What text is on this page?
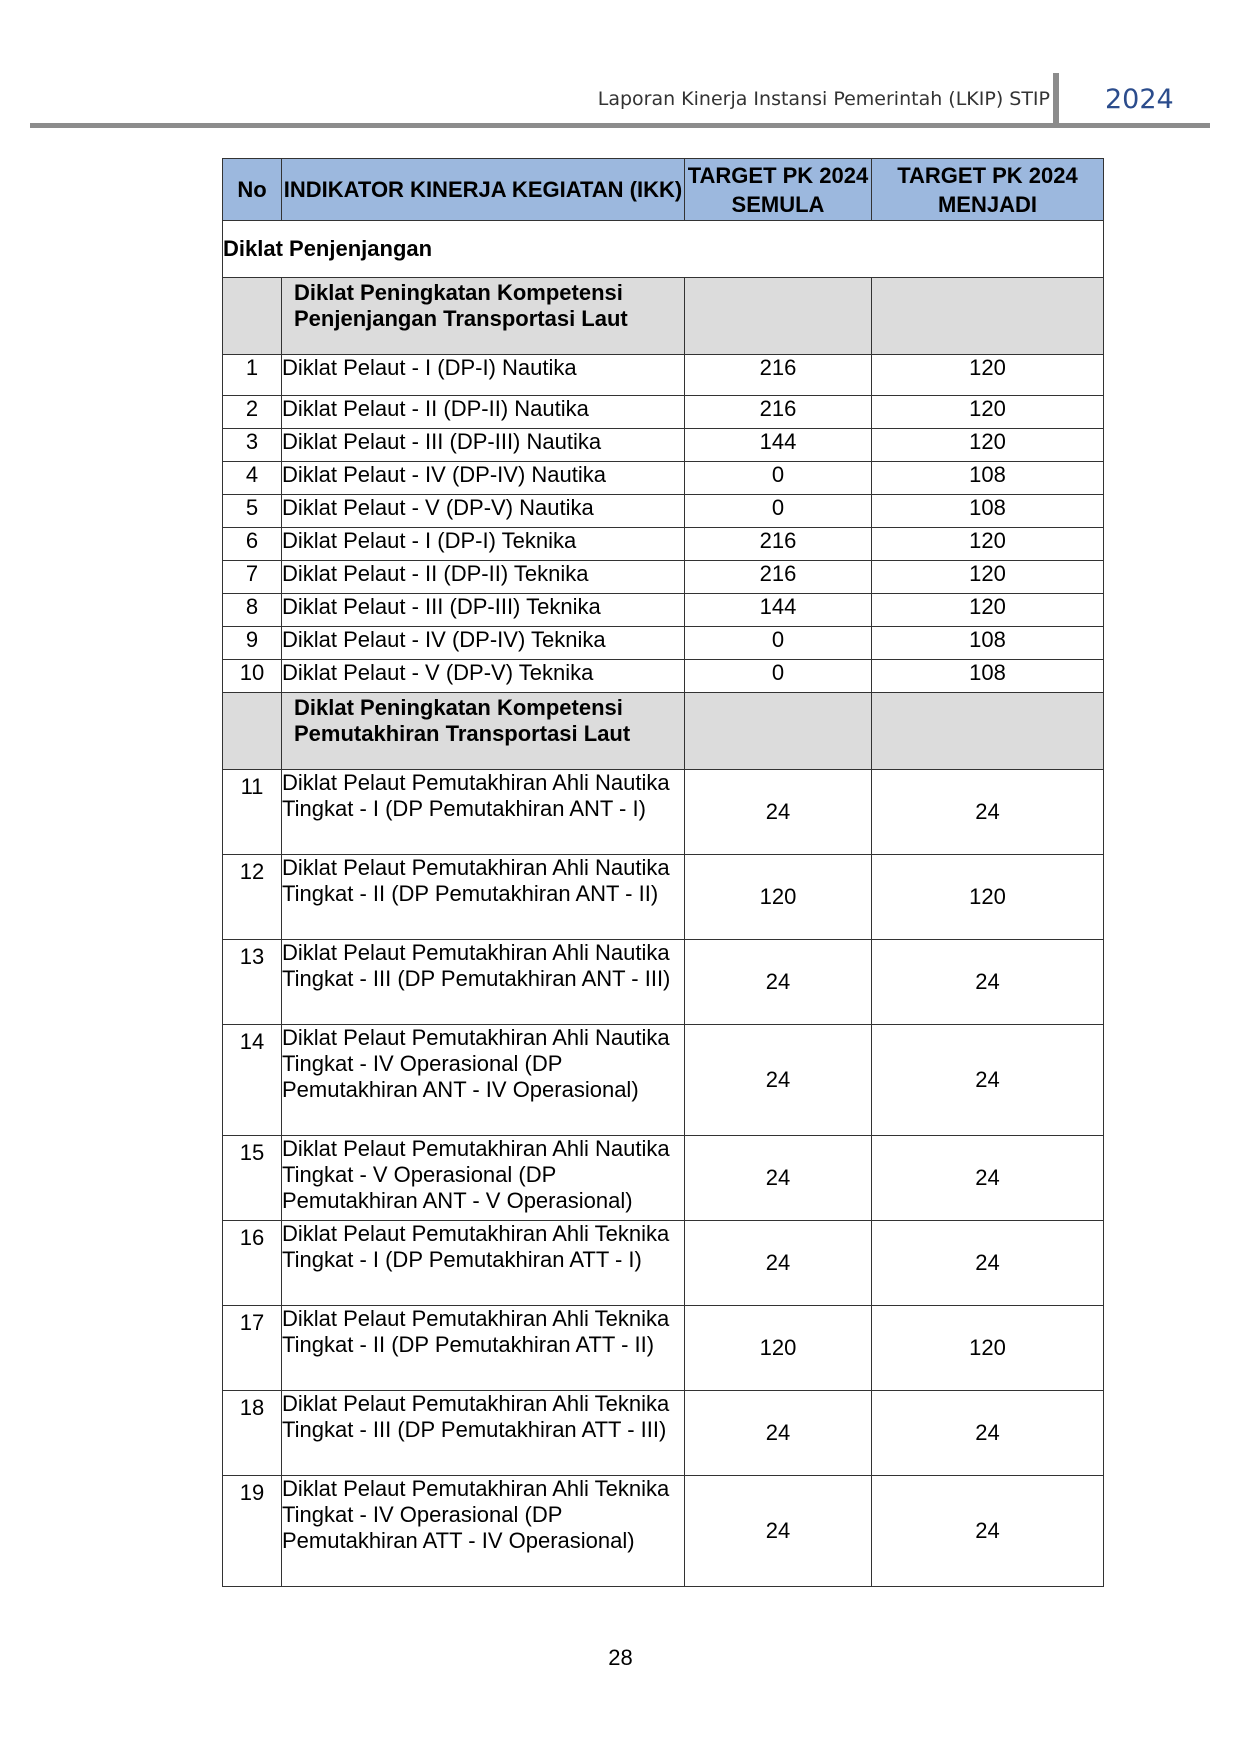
Laporan Kinerja Instansi Pemerintah (LKIP) STIP 2024
No	INDIKATOR KINERJA KEGIATAN (IKK)	TARGET PK 2024 SEMULA	TARGET PK 2024 MENJADI
Diklat Penjenjangan			
	Diklat Peningkatan Kompetensi Penjenjangan Transportasi Laut		
1	Diklat Pelaut - I (DP-I) Nautika	216	120
2	Diklat Pelaut - II (DP-II) Nautika	216	120
3	Diklat Pelaut - III (DP-III) Nautika	144	120
4	Diklat Pelaut - IV (DP-IV) Nautika	0	108
5	Diklat Pelaut - V (DP-V) Nautika	0	108
6	Diklat Pelaut - I (DP-I) Teknika	216	120
7	Diklat Pelaut - II (DP-II) Teknika	216	120
8	Diklat Pelaut - III (DP-III) Teknika	144	120
9	Diklat Pelaut - IV (DP-IV) Teknika	0	108
10	Diklat Pelaut - V (DP-V) Teknika	0	108
	Diklat Peningkatan Kompetensi Pemutakhiran Transportasi Laut		
11	Diklat Pelaut Pemutakhiran Ahli Nautika Tingkat - I (DP Pemutakhiran ANT - I)	24	24
12	Diklat Pelaut Pemutakhiran Ahli Nautika Tingkat - II (DP Pemutakhiran ANT - II)	120	120
13	Diklat Pelaut Pemutakhiran Ahli Nautika Tingkat - III (DP Pemutakhiran ANT - III)	24	24
14	Diklat Pelaut Pemutakhiran Ahli Nautika Tingkat - IV Operasional (DP Pemutakhiran ANT - IV Operasional)	24	24
15	Diklat Pelaut Pemutakhiran Ahli Nautika Tingkat - V Operasional (DP Pemutakhiran ANT - V Operasional)	24	24
16	Diklat Pelaut Pemutakhiran Ahli Teknika Tingkat - I (DP Pemutakhiran ATT - I)	24	24
17	Diklat Pelaut Pemutakhiran Ahli Teknika Tingkat - II (DP Pemutakhiran ATT - II)	120	120
18	Diklat Pelaut Pemutakhiran Ahli Teknika Tingkat - III (DP Pemutakhiran ATT - III)	24	24
19	Diklat Pelaut Pemutakhiran Ahli Teknika Tingkat - IV Operasional (DP Pemutakhiran ATT - IV Operasional)	24	24
28
